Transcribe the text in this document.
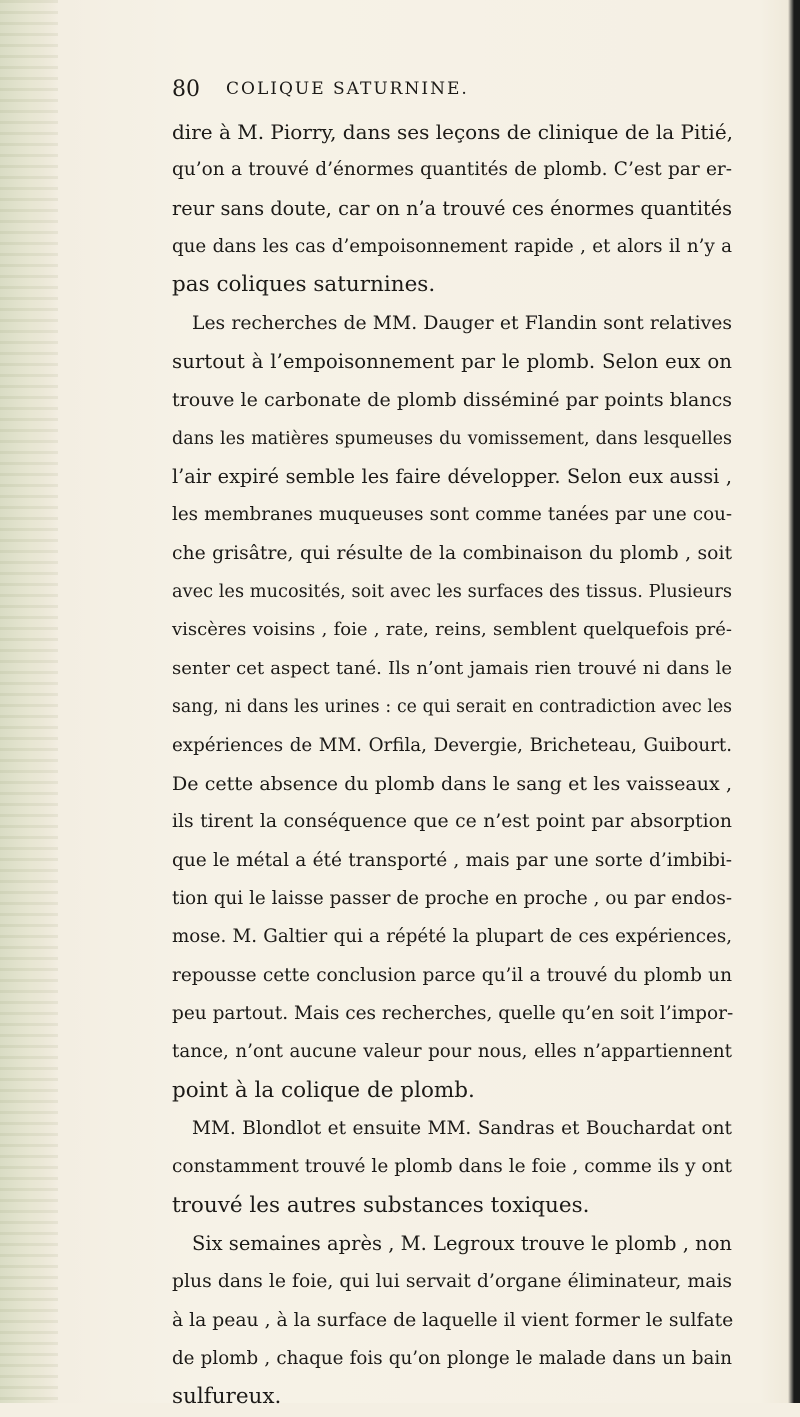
80 COLIQUE SATURNINE.
dire à M. Piorry, dans ses leçons de clinique de la Pitié,
qu’on a trouvé d’énormes quantités de plomb. C’est par er-
reur sans doute, car on n’a trouvé ces énormes quantités
que dans les cas d’empoisonnement rapide , et alors il n’y a
pas coliques saturnines.
Les recherches de MM. Dauger et Flandin sont relatives
surtout à l’empoisonnement par le plomb. Selon eux on
trouve le carbonate de plomb disséminé par points blancs
dans les matières spumeuses du vomissement, dans lesquelles
l’air expiré semble les faire développer. Selon eux aussi ,
les membranes muqueuses sont comme tanées par une cou-
che grisâtre, qui résulte de la combinaison du plomb , soit
avec les mucosités, soit avec les surfaces des tissus. Plusieurs
viscères voisins , foie , rate, reins, semblent quelquefois pré-
senter cet aspect tané. Ils n’ont jamais rien trouvé ni dans le
sang, ni dans les urines : ce qui serait en contradiction avec les
expériences de MM. Orfila, Devergie, Bricheteau, Guibourt.
De cette absence du plomb dans le sang et les vaisseaux ,
ils tirent la conséquence que ce n’est point par absorption
que le métal a été transporté , mais par une sorte d’imbibi-
tion qui le laisse passer de proche en proche , ou par endos-
mose. M. Galtier qui a répété la plupart de ces expériences,
repousse cette conclusion parce qu’il a trouvé du plomb un
peu partout. Mais ces recherches, quelle qu’en soit l’impor-
tance, n’ont aucune valeur pour nous, elles n’appartiennent
point à la colique de plomb.
MM. Blondlot et ensuite MM. Sandras et Bouchardat ont
constamment trouvé le plomb dans le foie , comme ils y ont
trouvé les autres substances toxiques.
Six semaines après , M. Legroux trouve le plomb , non
plus dans le foie, qui lui servait d’organe éliminateur, mais
à la peau , à la surface de laquelle il vient former le sulfate
de plomb , chaque fois qu’on plonge le malade dans un bain
sulfureux.
